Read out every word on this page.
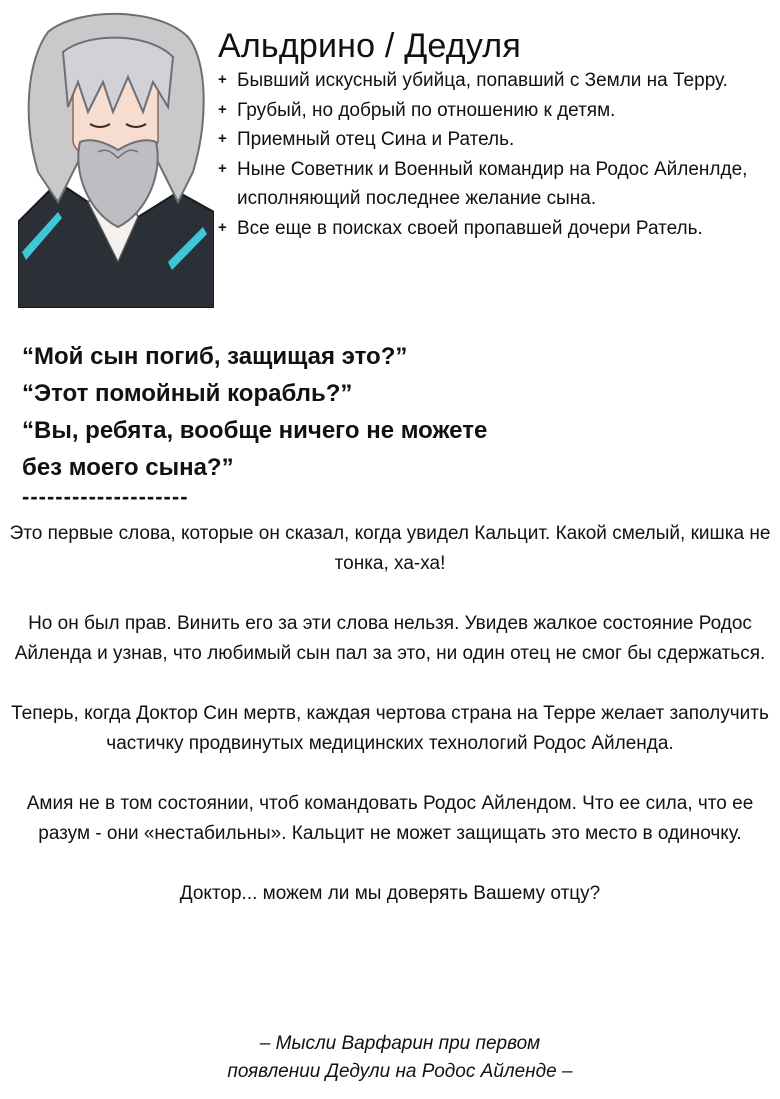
Альдрино / Дедуля
+ Бывший искусный убийца, попавший с Земли на Терру.
+ Грубый, но добрый по отношению к детям.
+ Приемный отец Сина и Ратель.
+ Ныне Советник и Военный командир на Родос Айленлде, исполняющий последнее желание сына.
+ Все еще в поисках своей пропавшей дочери Ратель.

“Мой сын погиб, защищая это?”

“Этот помойный корабль?”

“Вы, ребята, вообще ничего не можете

без моего сына?”

--------------------

Это первые слова, которые он сказал, когда увидел Кальцит. Какой смелый, кишка не тонка, ха-ха!

Но он был прав. Винить его за эти слова нельзя. Увидев жалкое состояние Родос Айленда и узнав, что любимый сын пал за это, ни один отец не смог бы сдержаться.

Теперь, когда Доктор Син мертв, каждая чертова страна на Терре желает заполучить частичку продвинутых медицинских технологий Родос Айленда.

Амия не в том состоянии, чтоб командовать Родос Айлендом. Что ее сила, что ее разум - они «нестабильны». Кальцит не может защищать это место в одиночку.

Доктор... можем ли мы доверять Вашему отцу?

– Мысли Варфарин при первом

появлении Дедули на Родос Айленде –
